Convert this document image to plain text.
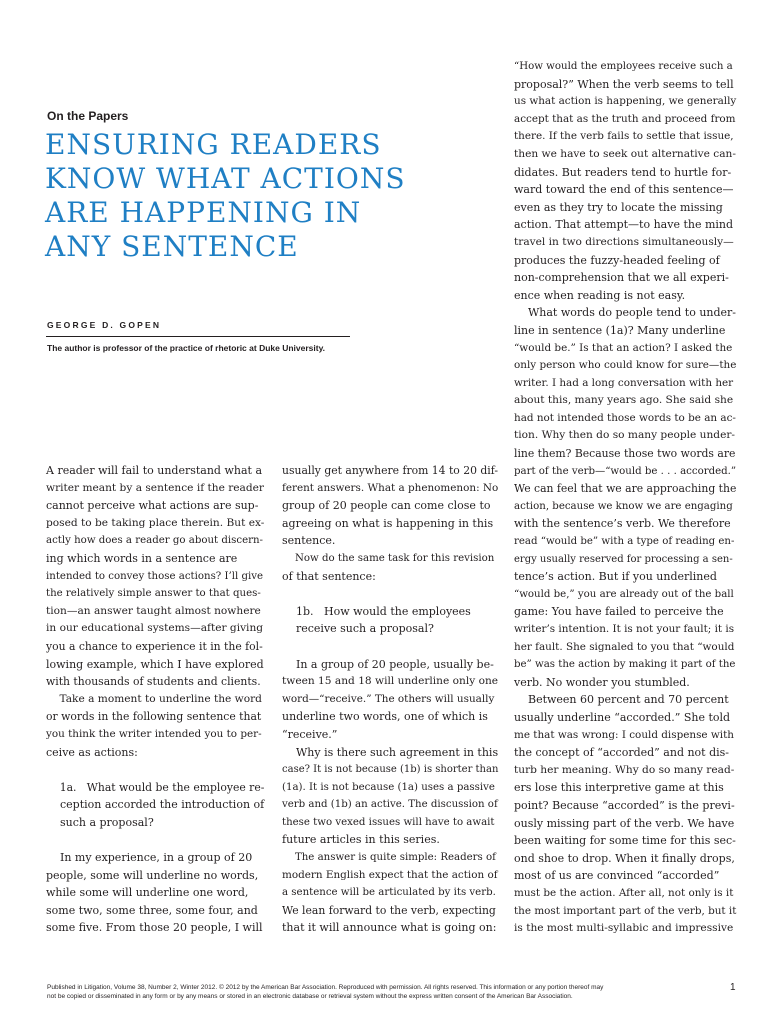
On the Papers
ENSURING READERS
KNOW WHAT ACTIONS
ARE HAPPENING IN
ANY SENTENCE
GEORGE D. GOPEN
The author is professor of the practice of rhetoric at Duke University.
A reader will fail to understand what a
writer meant by a sentence if the reader
cannot perceive what actions are sup-
posed to be taking place therein. But ex-
actly how does a reader go about discern-
ing which words in a sentence are
intended to convey those actions? I’ll give
the relatively simple answer to that ques-
tion—an answer taught almost nowhere
in our educational systems—after giving
you a chance to experience it in the fol-
lowing example, which I have explored
with thousands of students and clients.
Take a moment to underline the word
or words in the following sentence that
you think the writer intended you to per-
ceive as actions:
1a.   What would be the employee re-
ception accorded the introduction of
such a proposal?
In my experience, in a group of 20
people, some will underline no words,
while some will underline one word,
some two, some three, some four, and
some five. From those 20 people, I will
usually get anywhere from 14 to 20 dif-
ferent answers. What a phenomenon: No
group of 20 people can come close to
agreeing on what is happening in this
sentence.
Now do the same task for this revision
of that sentence:
1b.   How would the employees
receive such a proposal?
In a group of 20 people, usually be-
tween 15 and 18 will underline only one
word—“receive.” The others will usually
underline two words, one of which is
“receive.”
Why is there such agreement in this
case? It is not because (1b) is shorter than
(1a). It is not because (1a) uses a passive
verb and (1b) an active. The discussion of
these two vexed issues will have to await
future articles in this series.
The answer is quite simple: Readers of
modern English expect that the action of
a sentence will be articulated by its verb.
We lean forward to the verb, expecting
that it will announce what is going on:
“How would the employees receive such a
proposal?” When the verb seems to tell
us what action is happening, we generally
accept that as the truth and proceed from
there. If the verb fails to settle that issue,
then we have to seek out alternative can-
didates. But readers tend to hurtle for-
ward toward the end of this sentence—
even as they try to locate the missing
action. That attempt—to have the mind
travel in two directions simultaneously—
produces the fuzzy-headed feeling of
non-comprehension that we all experi-
ence when reading is not easy.
What words do people tend to under-
line in sentence (1a)? Many underline
“would be.” Is that an action? I asked the
only person who could know for sure—the
writer. I had a long conversation with her
about this, many years ago. She said she
had not intended those words to be an ac-
tion. Why then do so many people under-
line them? Because those two words are
part of the verb—“would be . . . accorded.”
We can feel that we are approaching the
action, because we know we are engaging
with the sentence’s verb. We therefore
read “would be” with a type of reading en-
ergy usually reserved for processing a sen-
tence’s action. But if you underlined
“would be,” you are already out of the ball
game: You have failed to perceive the
writer’s intention. It is not your fault; it is
her fault. She signaled to you that “would
be” was the action by making it part of the
verb. No wonder you stumbled.
Between 60 percent and 70 percent
usually underline “accorded.” She told
me that was wrong: I could dispense with
the concept of “accorded” and not dis-
turb her meaning. Why do so many read-
ers lose this interpretive game at this
point? Because “accorded” is the previ-
ously missing part of the verb. We have
been waiting for some time for this sec-
ond shoe to drop. When it finally drops,
most of us are convinced “accorded”
must be the action. After all, not only is it
the most important part of the verb, but it
is the most multi-syllabic and impressive
Published in Litigation, Volume 38, Number 2, Winter 2012. © 2012 by the American Bar Association. Reproduced with permission. All rights reserved. This information or any portion thereof may
not be copied or disseminated in any form or by any means or stored in an electronic database or retrieval system without the express written consent of the American Bar Association.
1
